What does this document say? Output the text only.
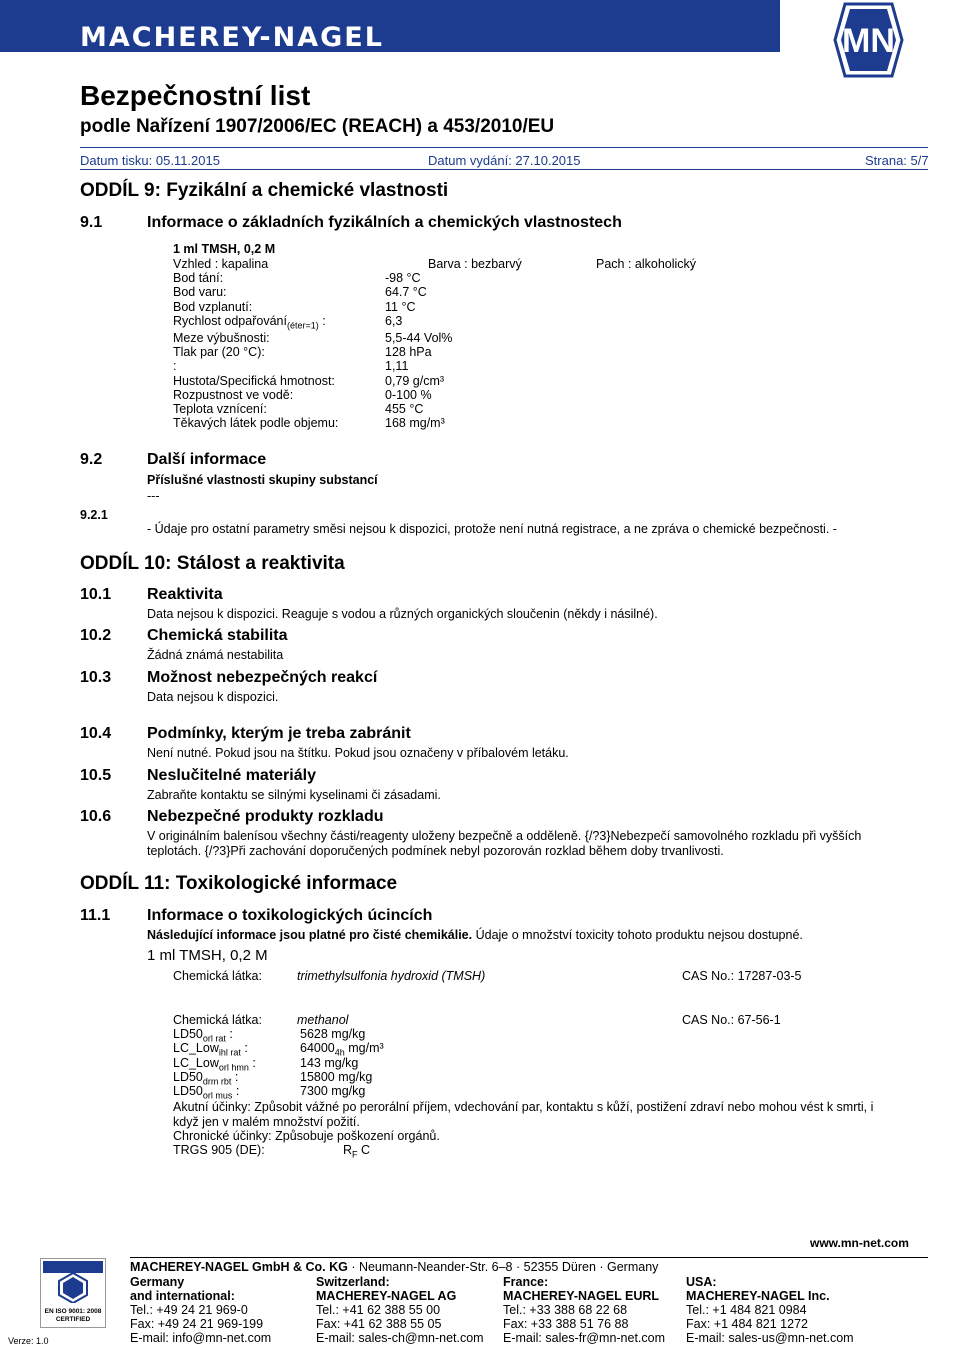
MACHEREY-NAGEL	MN
Bezpečnostní list
podle Nařízení 1907/2006/EC (REACH) a 453/2010/EU
Datum tisku: 05.11.2015	Datum vydání: 27.10.2015	Strana: 5/7
ODDÍL 9: Fyzikální a chemické vlastnosti
9.1	Informace o základních fyzikálních a chemických vlastnostech
1 ml TMSH, 0,2 M
Vzhled : kapalina	Barva : bezbarvý	Pach : alkoholický
Bod tání:	-98 °C
Bod varu:	64.7 °C
Bod vzplanutí:	11 °C
Rychlost odpařování$_{(éter=1)}$ :	6,3
Meze výbušnosti:	5,5-44 Vol%
Tlak par (20 °C):	128 hPa
:	1,11
Hustota/Specifická hmotnost:	0,79 g/cm³
Rozpustnost ve vodě:	0-100 %
Teplota vznícení:	455 °C
Těkavých látek podle objemu:	168 mg/m³
9.2	Další informace
Příslušné vlastnosti skupiny substancí
---
9.2.1
- Údaje pro ostatní parametry směsi nejsou k dispozici, protože není nutná registrace, a ne zpráva o chemické bezpečnosti. -
ODDÍL 10: Stálost a reaktivita
10.1 Reaktivita
Data nejsou k dispozici. Reaguje s vodou a různých organických sloučenin (někdy i násilné).
10.2 Chemická stabilita
Žádná známá nestabilita
10.3 Možnost nebezpečných reakcí
Data nejsou k dispozici.
10.4 Podmínky, kterým je treba zabránit
Není nutné. Pokud jsou na štítku. Pokud jsou označeny v příbalovém letáku.
10.5 Neslučitelné materiály
Zabraňte kontaktu se silnými kyselinami či zásadami.
10.6 Nebezpečné produkty rozkladu
V originálním balenísou všechny části/reagenty uloženy bezpečně a odděleně. {/?3}Nebezpečí samovolného rozkladu při vyšších
teplotách. {/?3}Při zachování doporučených podmínek nebyl pozorován rozklad během doby trvanlivosti.
ODDÍL 11: Toxikologické informace
11.1 Informace o toxikologických úcincích
Následující informace jsou platné pro čisté chemikálie. Údaje o množství toxicity tohoto produktu nejsou dostupné.
1 ml TMSH, 0,2 M
Chemická látka:	trimethylsulfonia hydroxid (TMSH)	CAS No.: 17287-03-5
Chemická látka:	methanol	CAS No.: 67-56-1
$LD50_{orl rat}$ :	5628 mg/kg
LC_Low$_{ihl rat}$ :	$64000_{4h}$ mg/m³
LC_Low$_{orl hmn}$ :	143 mg/kg
$LD50_{drm rbt}$ :	15800 mg/kg
$LD50_{orl mus}$ :	7300 mg/kg
Akutní účinky: Způsobit vážné po perorální příjem, vdechování par, kontaktu s kůží, postižení zdraví nebo mohou vést k smrti, i
když jen v malém množství požití.
Chronické účinky: Způsobuje poškození orgánů.
TRGS 905 (DE):	$R_F$ C
MACHEREY-NAGEL GmbH & Co. KG · Neumann-Neander-Str. 6–8 · 52355 Düren · Germany
www.mn-net.com
EN ISO 9001: 2008
CERTIFIED
Verze: 1.0
Germany
and international:
Tel.: +49 24 21 969-0
Fax: +49 24 21 969-199
E-mail: info@mn-net.com
Switzerland:
MACHEREY-NAGEL AG
Tel.: +41 62 388 55 00
Fax: +41 62 388 55 05
E-mail: sales-ch@mn-net.com
France:
MACHEREY-NAGEL EURL
Tel.: +33 388 68 22 68
Fax: +33 388 51 76 88
E-mail: sales-fr@mn-net.com
USA:
MACHEREY-NAGEL Inc.
Tel.: +1 484 821 0984
Fax: +1 484 821 1272
E-mail: sales-us@mn-net.com
